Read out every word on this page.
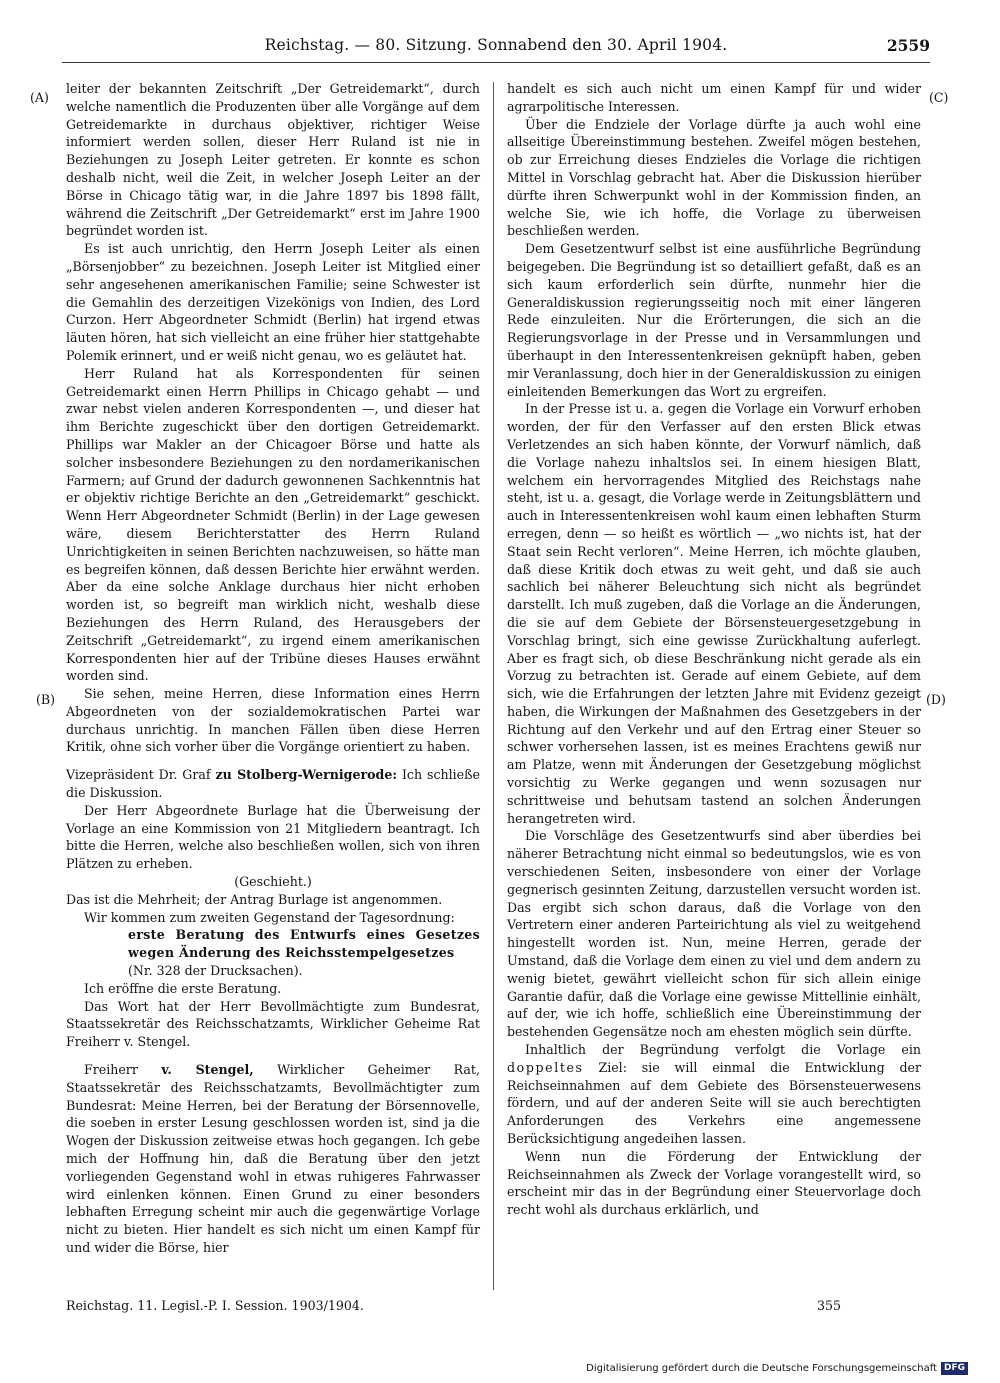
Reichstag. — 80. Sitzung. Sonnabend den 30. April 1904.	2559
(A)
(B)
(C)
(D)

leiter der bekannten Zeitschrift „Der Getreidemarkt“, durch welche namentlich die Produzenten über alle Vorgänge auf dem Getreidemarkte in durchaus objektiver, richtiger Weise informiert werden sollen, dieser Herr Ruland ist nie in Beziehungen zu Joseph Leiter getreten. Er konnte es schon deshalb nicht, weil die Zeit, in welcher Joseph Leiter an der Börse in Chicago tätig war, in die Jahre 1897 bis 1898 fällt, während die Zeitschrift „Der Getreidemarkt“ erst im Jahre 1900 begründet worden ist.

Es ist auch unrichtig, den Herrn Joseph Leiter als einen „Börsenjobber“ zu bezeichnen. Joseph Leiter ist Mitglied einer sehr angesehenen amerikanischen Familie; seine Schwester ist die Gemahlin des derzeitigen Vizekönigs von Indien, des Lord Curzon. Herr Abgeordneter Schmidt (Berlin) hat irgend etwas läuten hören, hat sich vielleicht an eine früher hier stattgehabte Polemik erinnert, und er weiß nicht genau, wo es geläutet hat.

Herr Ruland hat als Korrespondenten für seinen Getreidemarkt einen Herrn Phillips in Chicago gehabt — und zwar nebst vielen anderen Korrespondenten —, und dieser hat ihm Berichte zugeschickt über den dortigen Getreidemarkt. Phillips war Makler an der Chicagoer Börse und hatte als solcher insbesondere Beziehungen zu den nordamerikanischen Farmern; auf Grund der dadurch gewonnenen Sachkenntnis hat er objektiv richtige Berichte an den „Getreidemarkt“ geschickt. Wenn Herr Abgeordneter Schmidt (Berlin) in der Lage gewesen wäre, diesem Berichterstatter des Herrn Ruland Unrichtigkeiten in seinen Berichten nachzuweisen, so hätte man es begreifen können, daß dessen Berichte hier erwähnt werden. Aber da eine solche Anklage durchaus hier nicht erhoben worden ist, so begreift man wirklich nicht, weshalb diese Beziehungen des Herrn Ruland, des Herausgebers der Zeitschrift „Getreidemarkt“, zu irgend einem amerikanischen Korrespondenten hier auf der Tribüne dieses Hauses erwähnt worden sind.

Sie sehen, meine Herren, diese Information eines Herrn Abgeordneten von der sozialdemokratischen Partei war durchaus unrichtig. In manchen Fällen üben diese Herren Kritik, ohne sich vorher über die Vorgänge orientiert zu haben.

Vizepräsident Dr. Graf zu Stolberg-Wernigerode: Ich schließe die Diskussion.

Der Herr Abgeordnete Burlage hat die Überweisung der Vorlage an eine Kommission von 21 Mitgliedern beantragt. Ich bitte die Herren, welche also beschließen wollen, sich von ihren Plätzen zu erheben.

(Geschieht.)

Das ist die Mehrheit; der Antrag Burlage ist angenommen.

Wir kommen zum zweiten Gegenstand der Tagesordnung:

erste Beratung des Entwurfs eines Gesetzes wegen Änderung des Reichsstempelgesetzes

(Nr. 328 der Drucksachen).

Ich eröffne die erste Beratung.

Das Wort hat der Herr Bevollmächtigte zum Bundesrat, Staatssekretär des Reichsschatzamts, Wirklicher Geheime Rat Freiherr v. Stengel.

Freiherr v. Stengel, Wirklicher Geheimer Rat, Staatssekretär des Reichsschatzamts, Bevollmächtigter zum Bundesrat: Meine Herren, bei der Beratung der Börsennovelle, die soeben in erster Lesung geschlossen worden ist, sind ja die Wogen der Diskussion zeitweise etwas hoch gegangen. Ich gebe mich der Hoffnung hin, daß die Beratung über den jetzt vorliegenden Gegenstand wohl in etwas ruhigeres Fahrwasser wird einlenken können. Einen Grund zu einer besonders lebhaften Erregung scheint mir auch die gegenwärtige Vorlage nicht zu bieten. Hier handelt es sich nicht um einen Kampf für und wider die Börse, hier

handelt es sich auch nicht um einen Kampf für und wider agrarpolitische Interessen.

Über die Endziele der Vorlage dürfte ja auch wohl eine allseitige Übereinstimmung bestehen. Zweifel mögen bestehen, ob zur Erreichung dieses Endzieles die Vorlage die richtigen Mittel in Vorschlag gebracht hat. Aber die Diskussion hierüber dürfte ihren Schwerpunkt wohl in der Kommission finden, an welche Sie, wie ich hoffe, die Vorlage zu überweisen beschließen werden.

Dem Gesetzentwurf selbst ist eine ausführliche Begründung beigegeben. Die Begründung ist so detailliert gefaßt, daß es an sich kaum erforderlich sein dürfte, nunmehr hier die Generaldiskussion regierungsseitig noch mit einer längeren Rede einzuleiten. Nur die Erörterungen, die sich an die Regierungsvorlage in der Presse und in Versammlungen und überhaupt in den Interessentenkreisen geknüpft haben, geben mir Veranlassung, doch hier in der Generaldiskussion zu einigen einleitenden Bemerkungen das Wort zu ergreifen.

In der Presse ist u. a. gegen die Vorlage ein Vorwurf erhoben worden, der für den Verfasser auf den ersten Blick etwas Verletzendes an sich haben könnte, der Vorwurf nämlich, daß die Vorlage nahezu inhaltslos sei. In einem hiesigen Blatt, welchem ein hervorragendes Mitglied des Reichstags nahe steht, ist u. a. gesagt, die Vorlage werde in Zeitungsblättern und auch in Interessentenkreisen wohl kaum einen lebhaften Sturm erregen, denn — so heißt es wörtlich — „wo nichts ist, hat der Staat sein Recht verloren“. Meine Herren, ich möchte glauben, daß diese Kritik doch etwas zu weit geht, und daß sie auch sachlich bei näherer Beleuchtung sich nicht als begründet darstellt. Ich muß zugeben, daß die Vorlage an die Änderungen, die sie auf dem Gebiete der Börsensteuergesetzgebung in Vorschlag bringt, sich eine gewisse Zurückhaltung auferlegt. Aber es fragt sich, ob diese Beschränkung nicht gerade als ein Vorzug zu betrachten ist. Gerade auf einem Gebiete, auf dem sich, wie die Erfahrungen der letzten Jahre mit Evidenz gezeigt haben, die Wirkungen der Maßnahmen des Gesetzgebers in der Richtung auf den Verkehr und auf den Ertrag einer Steuer so schwer vorhersehen lassen, ist es meines Erachtens gewiß nur am Platze, wenn mit Änderungen der Gesetzgebung möglichst vorsichtig zu Werke gegangen und wenn sozusagen nur schrittweise und behutsam tastend an solchen Änderungen herangetreten wird.

Die Vorschläge des Gesetzentwurfs sind aber überdies bei näherer Betrachtung nicht einmal so bedeutungslos, wie es von verschiedenen Seiten, insbesondere von einer der Vorlage gegnerisch gesinnten Zeitung, darzustellen versucht worden ist. Das ergibt sich schon daraus, daß die Vorlage von den Vertretern einer anderen Parteirichtung als viel zu weitgehend hingestellt worden ist. Nun, meine Herren, gerade der Umstand, daß die Vorlage dem einen zu viel und dem andern zu wenig bietet, gewährt vielleicht schon für sich allein einige Garantie dafür, daß die Vorlage eine gewisse Mittellinie einhält, auf der, wie ich hoffe, schließlich eine Übereinstimmung der bestehenden Gegensätze noch am ehesten möglich sein dürfte.

Inhaltlich der Begründung verfolgt die Vorlage ein doppeltes Ziel: sie will einmal die Entwicklung der Reichseinnahmen auf dem Gebiete des Börsensteuerwesens fördern, und auf der anderen Seite will sie auch berechtigten Anforderungen des Verkehrs eine angemessene Berücksichtigung angedeihen lassen.

Wenn nun die Förderung der Entwicklung der Reichseinnahmen als Zweck der Vorlage vorangestellt wird, so erscheint mir das in der Begründung einer Steuervorlage doch recht wohl als durchaus erklärlich, und

Reichstag. 11. Legisl.-P. I. Session. 1903/1904.	355
Digitalisierung gefördert durch die Deutsche Forschungsgemeinschaft DFG
